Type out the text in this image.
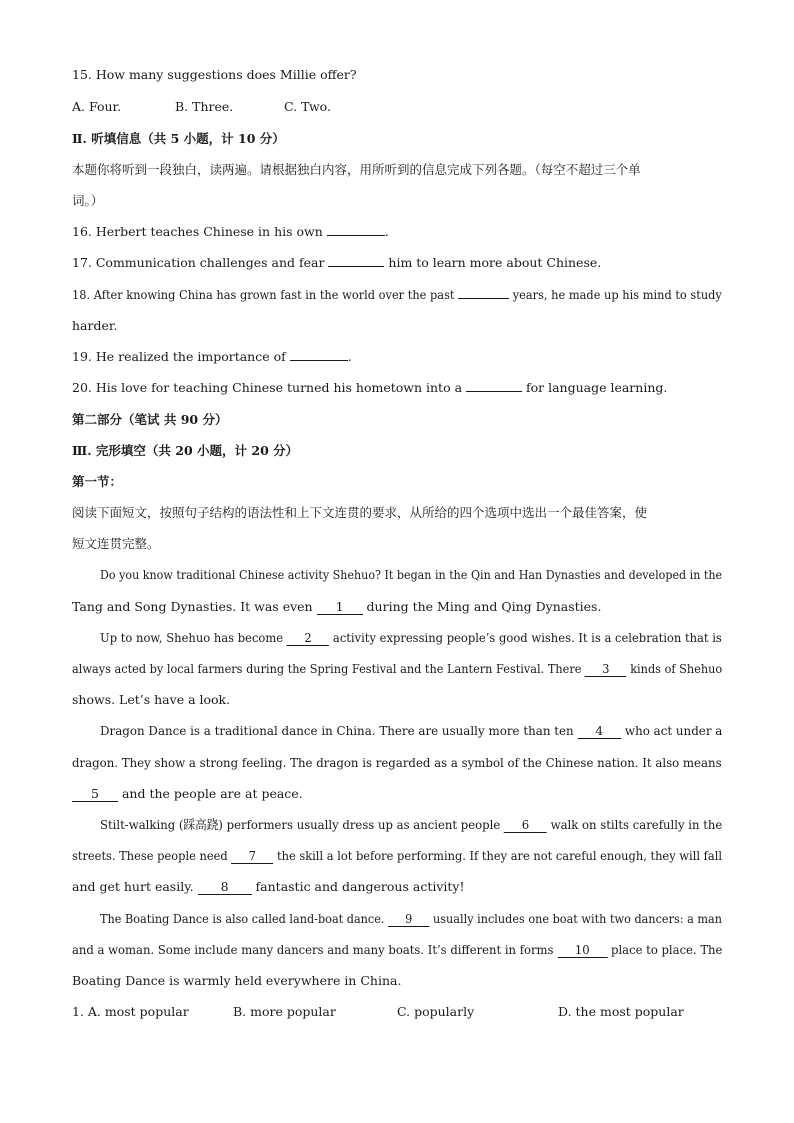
15. How many suggestions does Millie offer?
A. Four.	B. Three.	C. Two.
Ⅱ. 听填信息（共 5 小题，计 10 分）
本题你将听到一段独白，读两遍。请根据独白内容，用所听到的信息完成下列各题。（每空不超过三个单
词。）
16. Herbert teaches Chinese in his own	.
17. Communication challenges and fear	him to learn more about Chinese.
18. After knowing China has grown fast in the world over the past	years, he made up his mind to study
harder.
19. He realized the importance of	.
20. His love for teaching Chinese turned his hometown into a	for language learning.
第二部分（笔试 共 90 分）
Ⅲ. 完形填空（共 20 小题，计 20 分）
第一节：
阅读下面短文，按照句子结构的语法性和上下文连贯的要求，从所给的四个选项中选出一个最佳答案，使
短文连贯完整。
Do you know traditional Chinese activity Shehuo? It began in the Qin and Han Dynasties and developed in the
Tang and Song Dynasties. It was even 1 during the Ming and Qing Dynasties.
Up to now, Shehuo has become 2 activity expressing people’s good wishes. It is a celebration that is
always acted by local farmers during the Spring Festival and the Lantern Festival. There 3 kinds of Shehuo
shows. Let’s have a look.
Dragon Dance is a traditional dance in China. There are usually more than ten 4 who act under a
dragon. They show a strong feeling. The dragon is regarded as a symbol of the Chinese nation. It also means
5 and the people are at peace.
Stilt-walking (踩高跷) performers usually dress up as ancient people 6 walk on stilts carefully in the
streets. These people need 7 the skill a lot before performing. If they are not careful enough, they will fall
and get hurt easily. 8 fantastic and dangerous activity!
The Boating Dance is also called land-boat dance. 9 usually includes one boat with two dancers: a man
and a woman. Some include many dancers and many boats. It’s different in forms 10 place to place. The
Boating Dance is warmly held everywhere in China.
1. A. most popular	B. more popular	C. popularly	D. the most popular
